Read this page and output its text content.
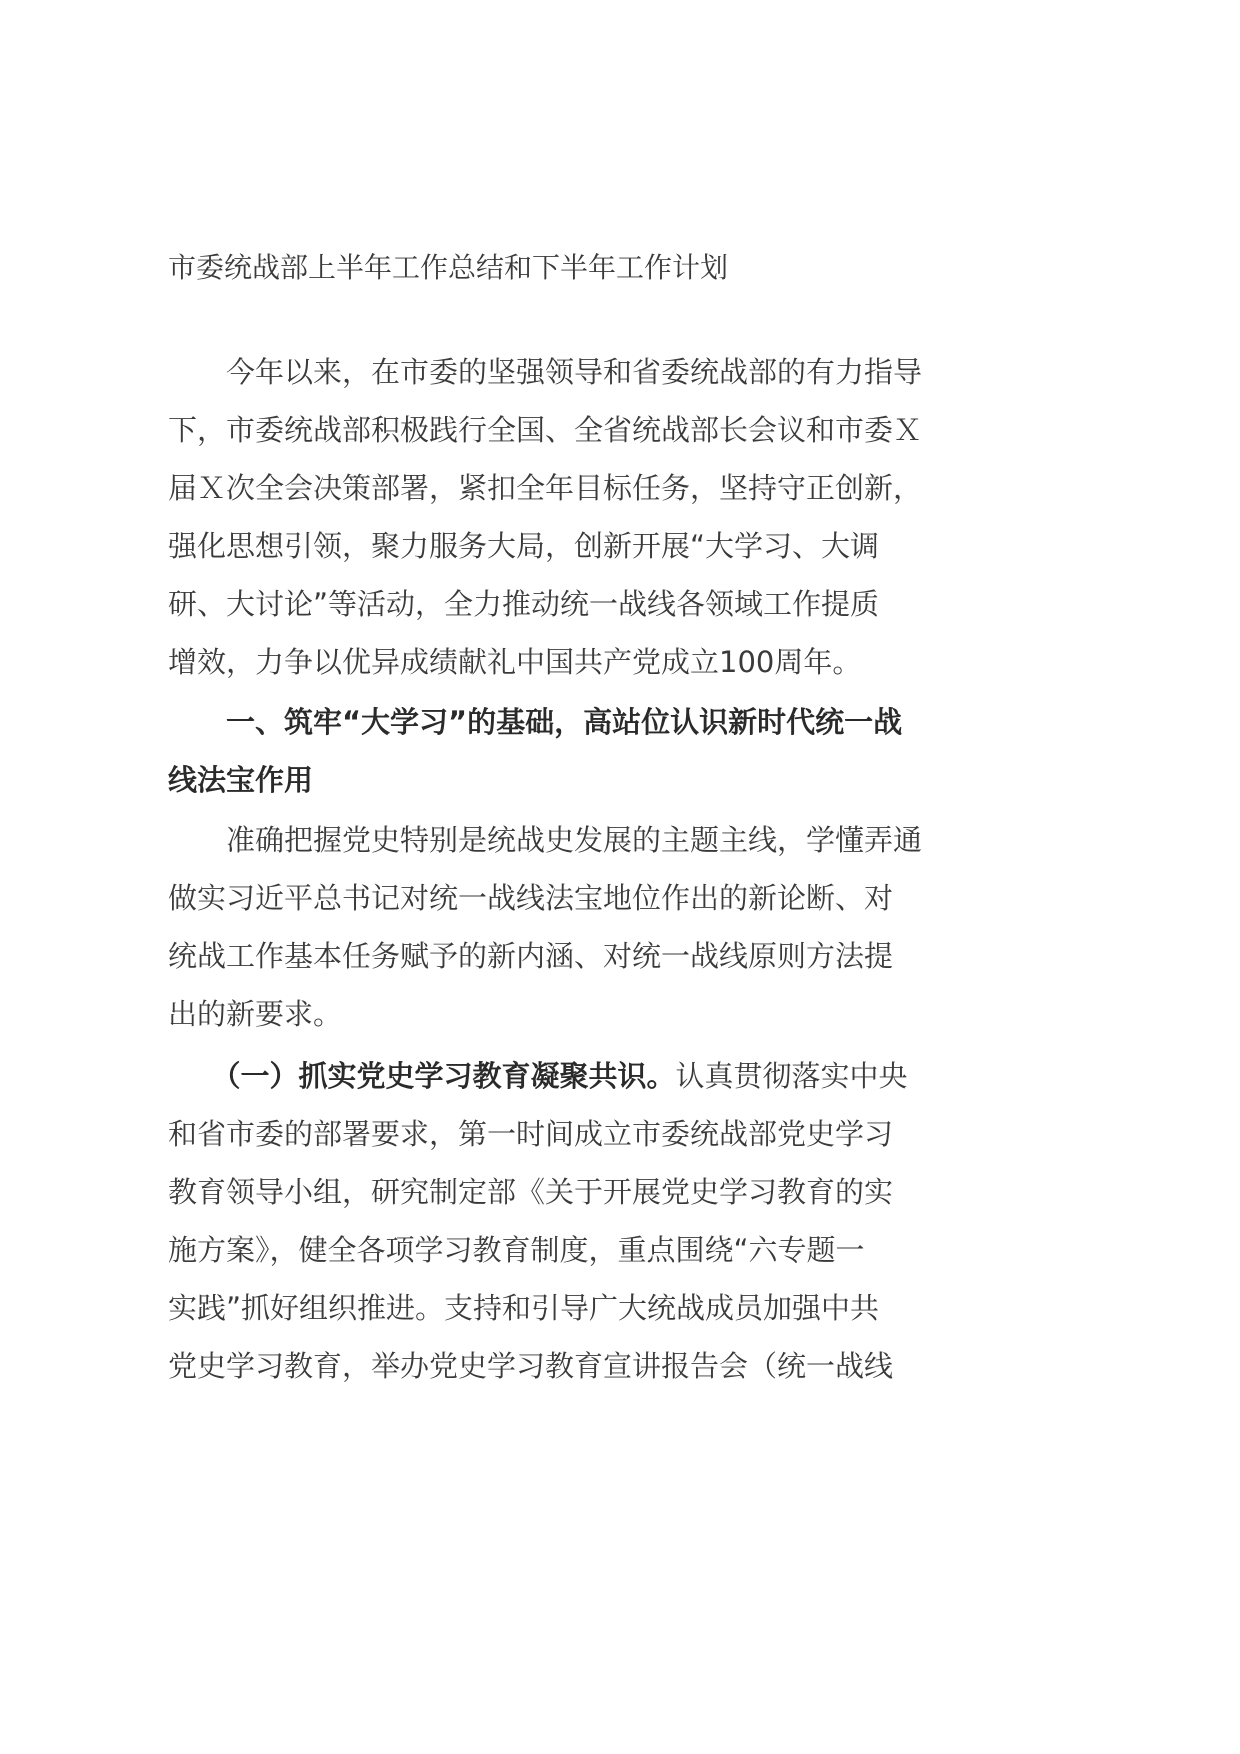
市委统战部上半年工作总结和下半年工作计划
　　今年以来，在市委的坚强领导和省委统战部的有力指导
下，市委统战部积极践行全国、全省统战部长会议和市委Ｘ
届Ｘ次全会决策部署，紧扣全年目标任务，坚持守正创新，
强化思想引领，聚力服务大局，创新开展“大学习、大调
研、大讨论”等活动，全力推动统一战线各领域工作提质
增效，力争以优异成绩献礼中国共产党成立100周年。
　　一、筑牢“大学习”的基础，高站位认识新时代统一战
线法宝作用
　　准确把握党史特别是统战史发展的主题主线，学懂弄通
做实习近平总书记对统一战线法宝地位作出的新论断、对
统战工作基本任务赋予的新内涵、对统一战线原则方法提
出的新要求。
　　（一）抓实党史学习教育凝聚共识。认真贯彻落实中央
和省市委的部署要求，第一时间成立市委统战部党史学习
教育领导小组，研究制定部《关于开展党史学习教育的实
施方案》，健全各项学习教育制度，重点围绕“六专题一
实践”抓好组织推进。支持和引导广大统战成员加强中共
党史学习教育，举办党史学习教育宣讲报告会（统一战线
